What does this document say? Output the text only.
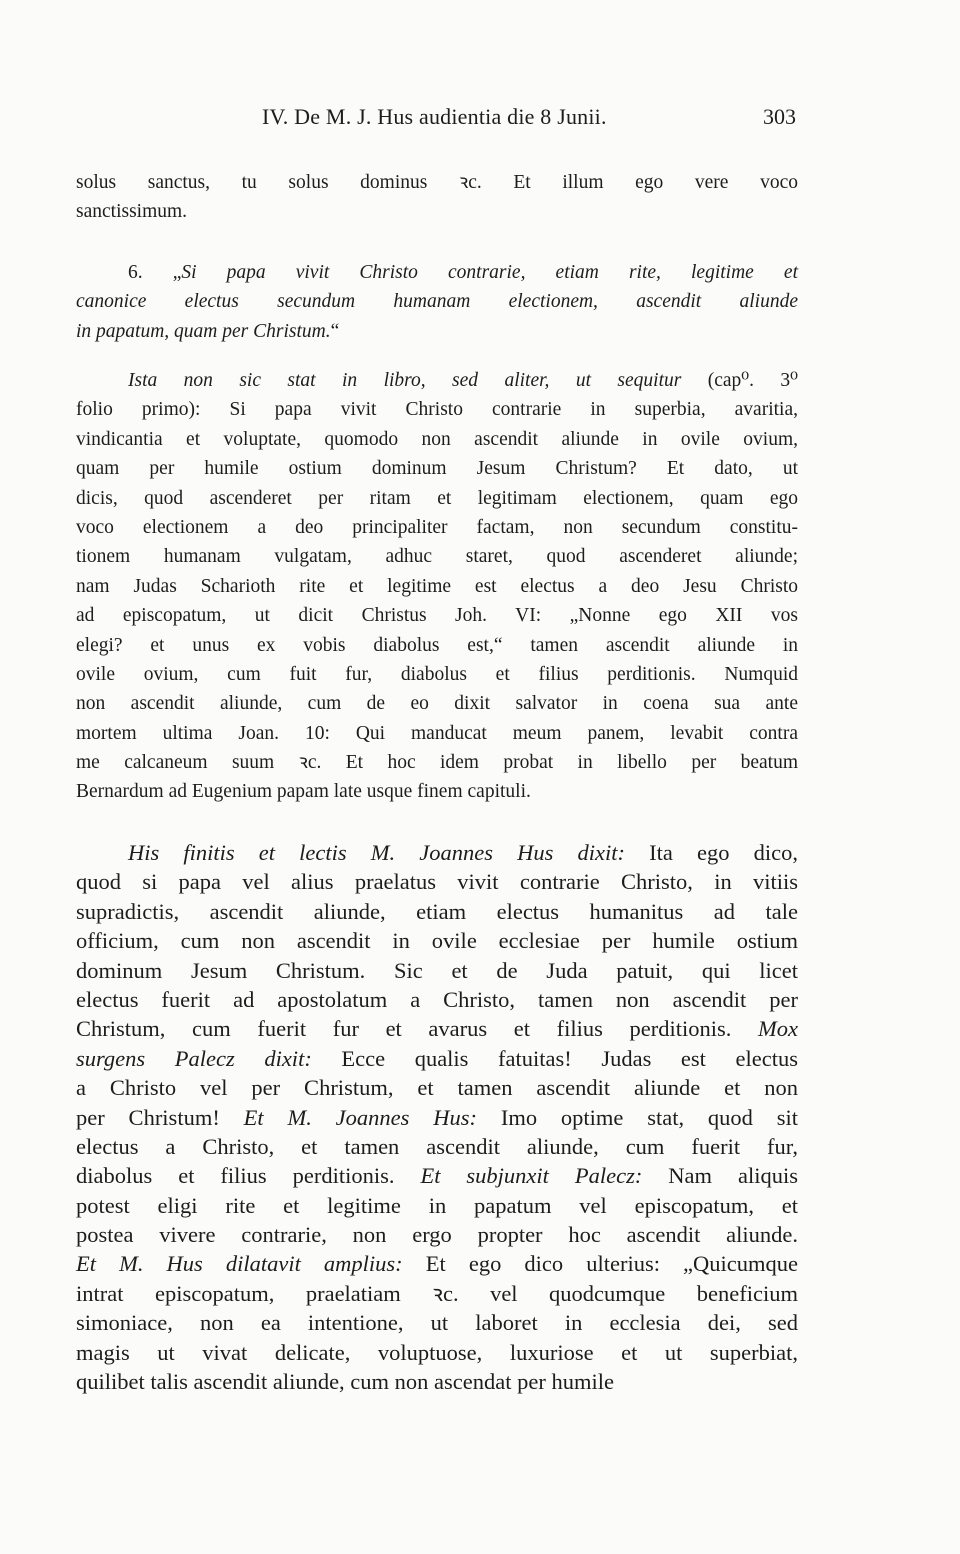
IV. De M. J. Hus audientia die 8 Junii.	303
solus sanctus, tu solus dominus ꝛc. Et illum ego vere voco
sanctissimum.
6. „Si papa vivit Christo contrarie, etiam rite, legitime et
canonice electus secundum humanam electionem, ascendit aliunde
in papatum, quam per Christum.“
Ista non sic stat in libro, sed aliter, ut sequitur (cap⁰. 3⁰
folio primo): Si papa vivit Christo contrarie in superbia, avaritia,
vindicantia et voluptate, quomodo non ascendit aliunde in ovile ovium,
quam per humile ostium dominum Jesum Christum? Et dato, ut
dicis, quod ascenderet per ritam et legitimam electionem, quam ego
voco electionem a deo principaliter factam, non secundum constitu-
tionem humanam vulgatam, adhuc staret, quod ascenderet aliunde;
nam Judas Scharioth rite et legitime est electus a deo Jesu Christo
ad episcopatum, ut dicit Christus Joh. VI: „Nonne ego XII vos
elegi? et unus ex vobis diabolus est,“ tamen ascendit aliunde in
ovile ovium, cum fuit fur, diabolus et filius perditionis. Numquid
non ascendit aliunde, cum de eo dixit salvator in coena sua ante
mortem ultima Joan. 10: Qui manducat meum panem, levabit contra
me calcaneum suum ꝛc. Et hoc idem probat in libello per beatum
Bernardum ad Eugenium papam late usque finem capituli.
His finitis et lectis M. Joannes Hus dixit: Ita ego dico,
quod si papa vel alius praelatus vivit contrarie Christo, in vitiis
supradictis, ascendit aliunde, etiam electus humanitus ad tale
officium, cum non ascendit in ovile ecclesiae per humile ostium
dominum Jesum Christum. Sic et de Juda patuit, qui licet
electus fuerit ad apostolatum a Christo, tamen non ascendit per
Christum, cum fuerit fur et avarus et filius perditionis. Mox
surgens Palecz dixit: Ecce qualis fatuitas! Judas est electus
a Christo vel per Christum, et tamen ascendit aliunde et non
per Christum! Et M. Joannes Hus: Imo optime stat, quod sit
electus a Christo, et tamen ascendit aliunde, cum fuerit fur,
diabolus et filius perditionis. Et subjunxit Palecz: Nam aliquis
potest eligi rite et legitime in papatum vel episcopatum, et
postea vivere contrarie, non ergo propter hoc ascendit aliunde.
Et M. Hus dilatavit amplius: Et ego dico ulterius: „Quicumque
intrat episcopatum, praelatiam ꝛc. vel quodcumque beneficium
simoniace, non ea intentione, ut laboret in ecclesia dei, sed
magis ut vivat delicate, voluptuose, luxuriose et ut superbiat,
quilibet talis ascendit aliunde, cum non ascendat per humile
